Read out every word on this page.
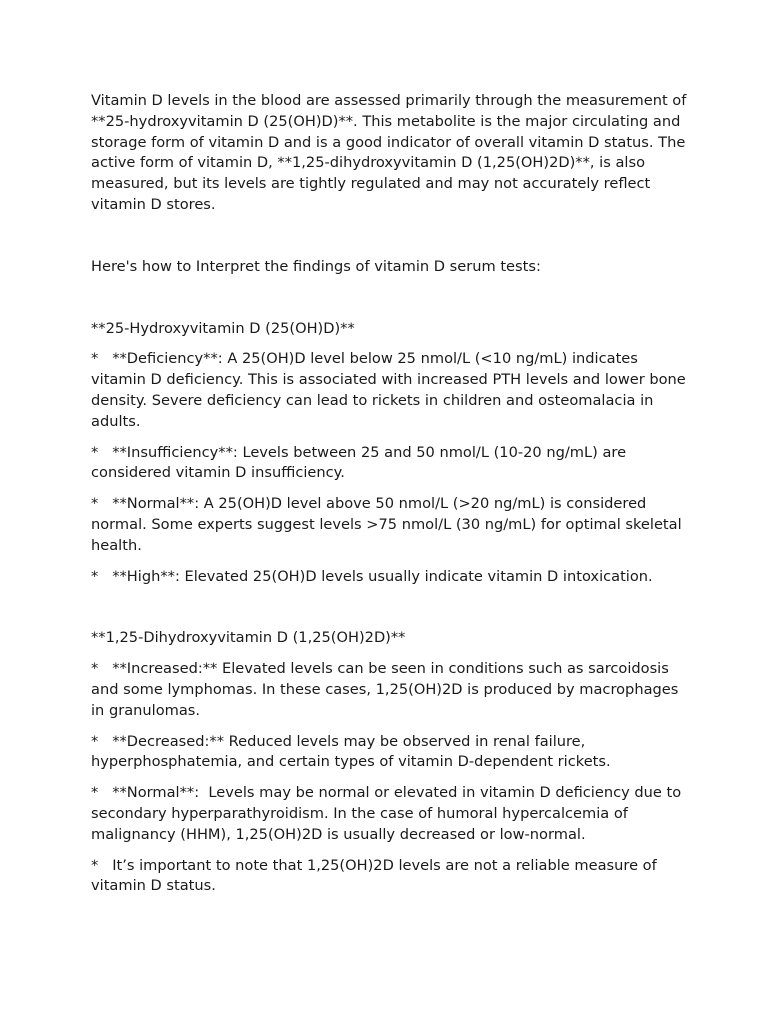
Vitamin D levels in the blood are assessed primarily through the measurement of **25-hydroxyvitamin D (25(OH)D)**. This metabolite is the major circulating and storage form of vitamin D and is a good indicator of overall vitamin D status. The active form of vitamin D, **1,25-dihydroxyvitamin D (1,25(OH)2D)**, is also measured, but its levels are tightly regulated and may not accurately reflect vitamin D stores.

Here's how to Interpret the findings of vitamin D serum tests:

**25-Hydroxyvitamin D (25(OH)D)**

*   **Deficiency**: A 25(OH)D level below 25 nmol/L (<10 ng/mL) indicates vitamin D deficiency. This is associated with increased PTH levels and lower bone density. Severe deficiency can lead to rickets in children and osteomalacia in adults.

*   **Insufficiency**: Levels between 25 and 50 nmol/L (10-20 ng/mL) are considered vitamin D insufficiency.

*   **Normal**: A 25(OH)D level above 50 nmol/L (>20 ng/mL) is considered normal. Some experts suggest levels >75 nmol/L (30 ng/mL) for optimal skeletal health.

*   **High**: Elevated 25(OH)D levels usually indicate vitamin D intoxication.

**1,25-Dihydroxyvitamin D (1,25(OH)2D)**

*   **Increased:** Elevated levels can be seen in conditions such as sarcoidosis and some lymphomas. In these cases, 1,25(OH)2D is produced by macrophages in granulomas.

*   **Decreased:** Reduced levels may be observed in renal failure, hyperphosphatemia, and certain types of vitamin D-dependent rickets.

*   **Normal**:  Levels may be normal or elevated in vitamin D deficiency due to secondary hyperparathyroidism. In the case of humoral hypercalcemia of malignancy (HHM), 1,25(OH)2D is usually decreased or low-normal.

*   It’s important to note that 1,25(OH)2D levels are not a reliable measure of vitamin D status.
